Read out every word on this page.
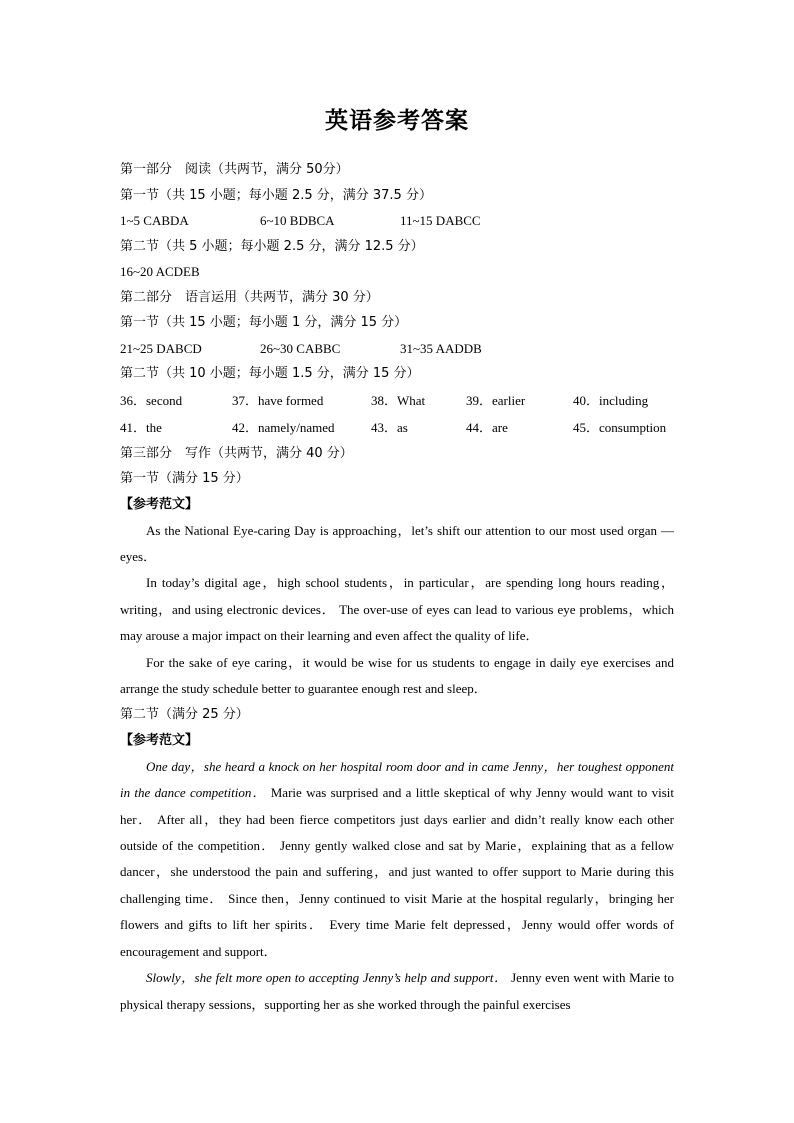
英语参考答案
第一部分　阅读（共两节，满分 50分）
第一节（共 15 小题；每小题 2.5 分，满分 37.5 分）
1~5 CABDA	6~10 BDBCA	11~15 DABCC
第二节（共 5 小题；每小题 2.5 分，满分 12.5 分）
16~20 ACDEB
第二部分　语言运用（共两节，满分 30 分）
第一节（共 15 小题；每小题 1 分，满分 15 分）
21~25 DABCD	26~30 CABBC	31~35 AADDB
第二节（共 10 小题；每小题 1.5 分，满分 15 分）
36．second	37．have formed	38．What	39．earlier	40．including
41．the	42．namely/named	43．as	44．are	45．consumption
第三部分　写作（共两节，满分 40 分）
第一节（满分 15 分）
【参考范文】

As the National Eye-caring Day is approaching，let’s shift our attention to our most used organ — eyes．

In today’s digital age，high school students，in particular，are spending long hours reading，writing，and using electronic devices． The over-use of eyes can lead to various eye problems，which may arouse a major impact on their learning and even affect the quality of life．

For the sake of eye caring，it would be wise for us students to engage in daily eye exercises and arrange the study schedule better to guarantee enough rest and sleep．

第二节（满分 25 分）
【参考范文】

One day，she heard a knock on her hospital room door and in came Jenny，her toughest opponent in the dance competition． Marie was surprised and a little skeptical of why Jenny would want to visit her． After all，they had been fierce competitors just days earlier and didn’t really know each other outside of the competition． Jenny gently walked close and sat by Marie，explaining that as a fellow dancer，she understood the pain and suffering，and just wanted to offer support to Marie during this challenging time． Since then，Jenny continued to visit Marie at the hospital regularly，bringing her flowers and gifts to lift her spirits． Every time Marie felt depressed，Jenny would offer words of encouragement and support．

Slowly，she felt more open to accepting Jenny’s help and support． Jenny even went with Marie to physical therapy sessions，supporting her as she worked through the painful exercises
